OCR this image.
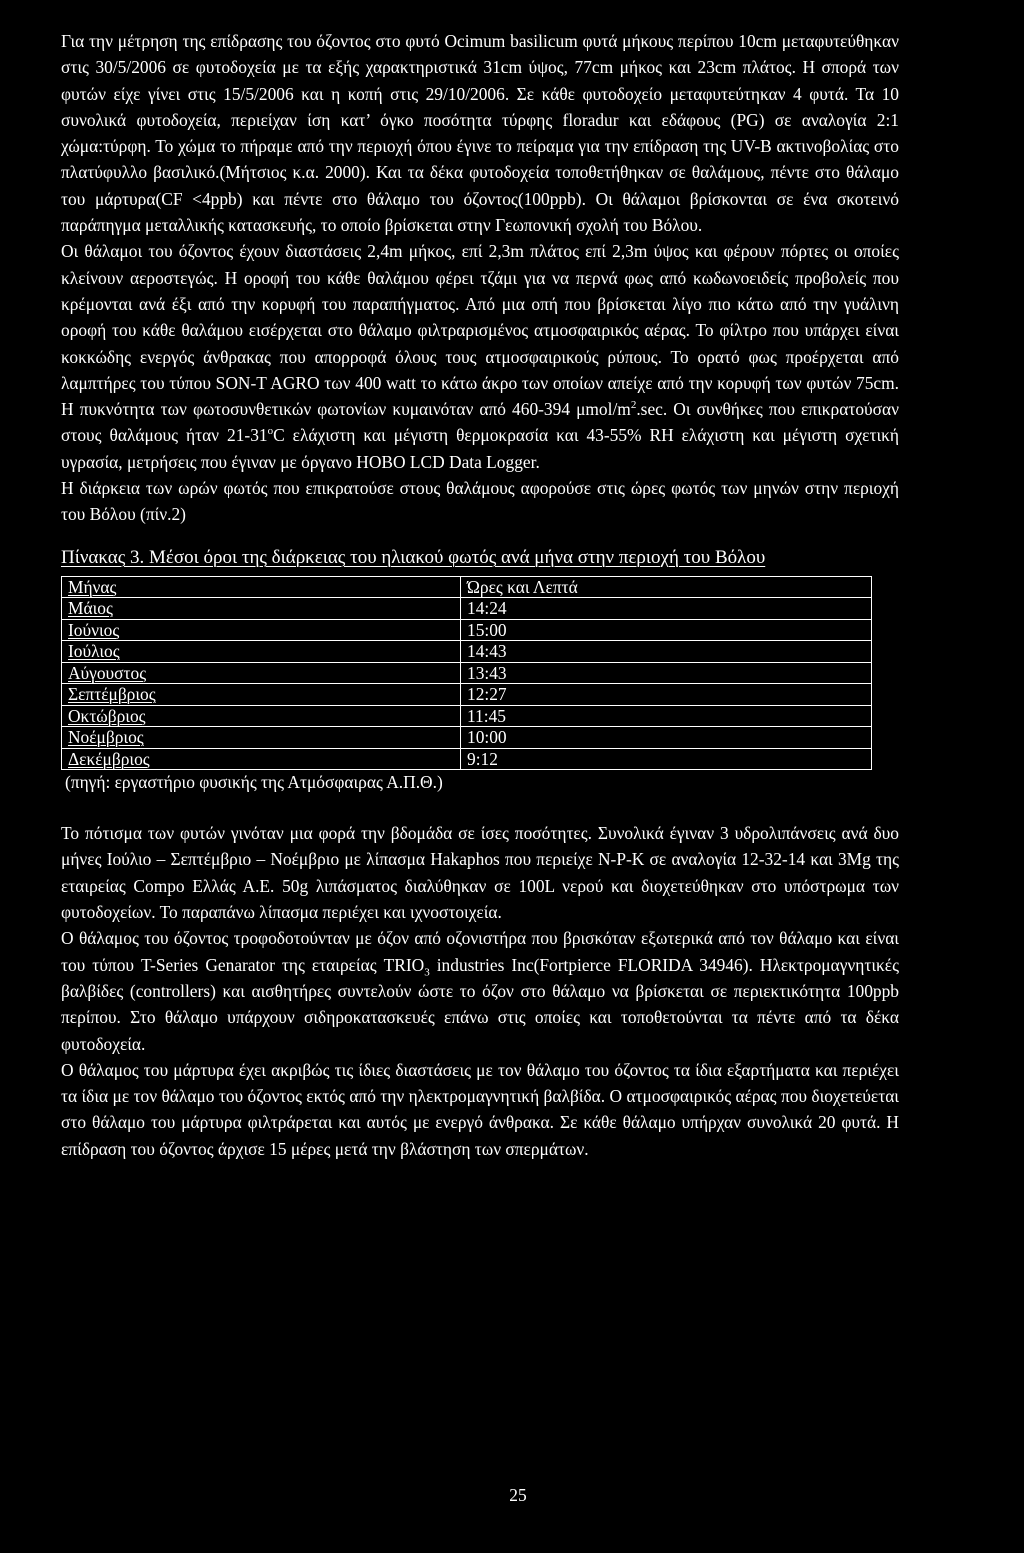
Για την μέτρηση της επίδρασης του όζοντος στο φυτό Ocimum basilicum φυτά μήκους περίπου 10cm μεταφυτεύθηκαν στις 30/5/2006 σε φυτοδοχεία με τα εξής χαρακτηριστικά 31cm ύψος, 77cm μήκος και 23cm πλάτος. Η σπορά των φυτών είχε γίνει στις 15/5/2006 και η κοπή στις 29/10/2006. Σε κάθε φυτοδοχείο μεταφυτεύτηκαν 4 φυτά. Τα 10 συνολικά φυτοδοχεία, περιείχαν ίση κατ’ όγκο ποσότητα τύρφης floradur και εδάφους (PG) σε αναλογία 2:1 χώμα:τύρφη. Το χώμα το πήραμε από την περιοχή όπου έγινε το πείραμα για την επίδραση της UV-B ακτινοβολίας στο πλατύφυλλο βασιλικό.(Μήτσιος κ.α. 2000). Και τα δέκα φυτοδοχεία τοποθετήθηκαν σε θαλάμους, πέντε στο θάλαμο του μάρτυρα(CF <4ppb) και πέντε στο θάλαμο του όζοντος(100ppb). Οι θάλαμοι βρίσκονται σε ένα σκοτεινό παράπηγμα μεταλλικής κατασκευής, το οποίο βρίσκεται στην Γεωπονική σχολή του Βόλου.

Οι θάλαμοι του όζοντος έχουν διαστάσεις 2,4m μήκος, επί 2,3m πλάτος επί 2,3m ύψος και φέρουν πόρτες οι οποίες κλείνουν αεροστεγώς. Η οροφή του κάθε θαλάμου φέρει τζάμι για να περνά φως από κωδωνοειδείς προβολείς που κρέμονται ανά έξι από την κορυφή του παραπήγματος. Από μια οπή που βρίσκεται λίγο πιο κάτω από την γυάλινη οροφή του κάθε θαλάμου εισέρχεται στο θάλαμο φιλτραρισμένος ατμοσφαιρικός αέρας. Το φίλτρο που υπάρχει είναι κοκκώδης ενεργός άνθρακας που απορροφά όλους τους ατμοσφαιρικούς ρύπους. Το ορατό φως προέρχεται από λαμπτήρες του τύπου SON-T AGRO των 400 watt το κάτω άκρο των οποίων απείχε από την κορυφή των φυτών 75cm. Η πυκνότητα των φωτοσυνθετικών φωτονίων κυμαινόταν από 460-394 μmol/$m^2.\sec$. Οι συνθήκες που επικρατούσαν στους θαλάμους ήταν 21-31$^o$C ελάχιστη και μέγιστη θερμοκρασία και 43-55% RH ελάχιστη και μέγιστη σχετική υγρασία, μετρήσεις που έγιναν με όργανο HOBO LCD Data Logger.

Η διάρκεια των ωρών φωτός που επικρατούσε στους θαλάμους αφορούσε στις ώρες φωτός των μηνών στην περιοχή του Βόλου (πίν.2)

Πίνακας 3. Μέσοι όροι της διάρκειας του ηλιακού φωτός ανά μήνα στην περιοχή του Βόλου
Μήνας	Ώρες και Λεπτά
Μάιος	14:24
Ιούνιος	15:00
Ιούλιος	14:43
Αύγουστος	13:43
Σεπτέμβριος	12:27
Οκτώβριος	11:45
Νοέμβριος	10:00
Δεκέμβριος	9:12
(πηγή: εργαστήριο φυσικής της Ατμόσφαιρας Α.Π.Θ.)

Το πότισμα των φυτών γινόταν μια φορά την βδομάδα σε ίσες ποσότητες. Συνολικά έγιναν 3 υδρολιπάνσεις ανά δυο μήνες Ιούλιο – Σεπτέμβριο – Νοέμβριο με λίπασμα Hakaphos που περιείχε N-P-K σε αναλογία 12-32-14 και 3Mg της εταιρείας Compo Ελλάς Α.Ε. 50g λιπάσματος διαλύθηκαν σε 100L νερού και διοχετεύθηκαν στο υπόστρωμα των φυτοδοχείων. Το παραπάνω λίπασμα περιέχει και ιχνοστοιχεία.

Ο θάλαμος του όζοντος τροφοδοτούνταν με όζον από οζονιστήρα που βρισκόταν εξωτερικά από τον θάλαμο και είναι του τύπου T-Series Genarator της εταιρείας $TRIO_3$ industries Inc(Fortpierce FLORIDA 34946). Ηλεκτρομαγνητικές βαλβίδες (controllers) και αισθητήρες συντελούν ώστε το όζον στο θάλαμο να βρίσκεται σε περιεκτικότητα 100ppb περίπου. Στο θάλαμο υπάρχουν σιδηροκατασκευές επάνω στις οποίες και τοποθετούνται τα πέντε από τα δέκα φυτοδοχεία.

Ο θάλαμος του μάρτυρα έχει ακριβώς τις ίδιες διαστάσεις με τον θάλαμο του όζοντος τα ίδια εξαρτήματα και περιέχει τα ίδια με τον θάλαμο του όζοντος εκτός από την ηλεκτρομαγνητική βαλβίδα. Ο ατμοσφαιρικός αέρας που διοχετεύεται στο θάλαμο του μάρτυρα φιλτράρεται και αυτός με ενεργό άνθρακα. Σε κάθε θάλαμο υπήρχαν συνολικά 20 φυτά. Η επίδραση του όζοντος άρχισε 15 μέρες μετά την βλάστηση των σπερμάτων.

25
